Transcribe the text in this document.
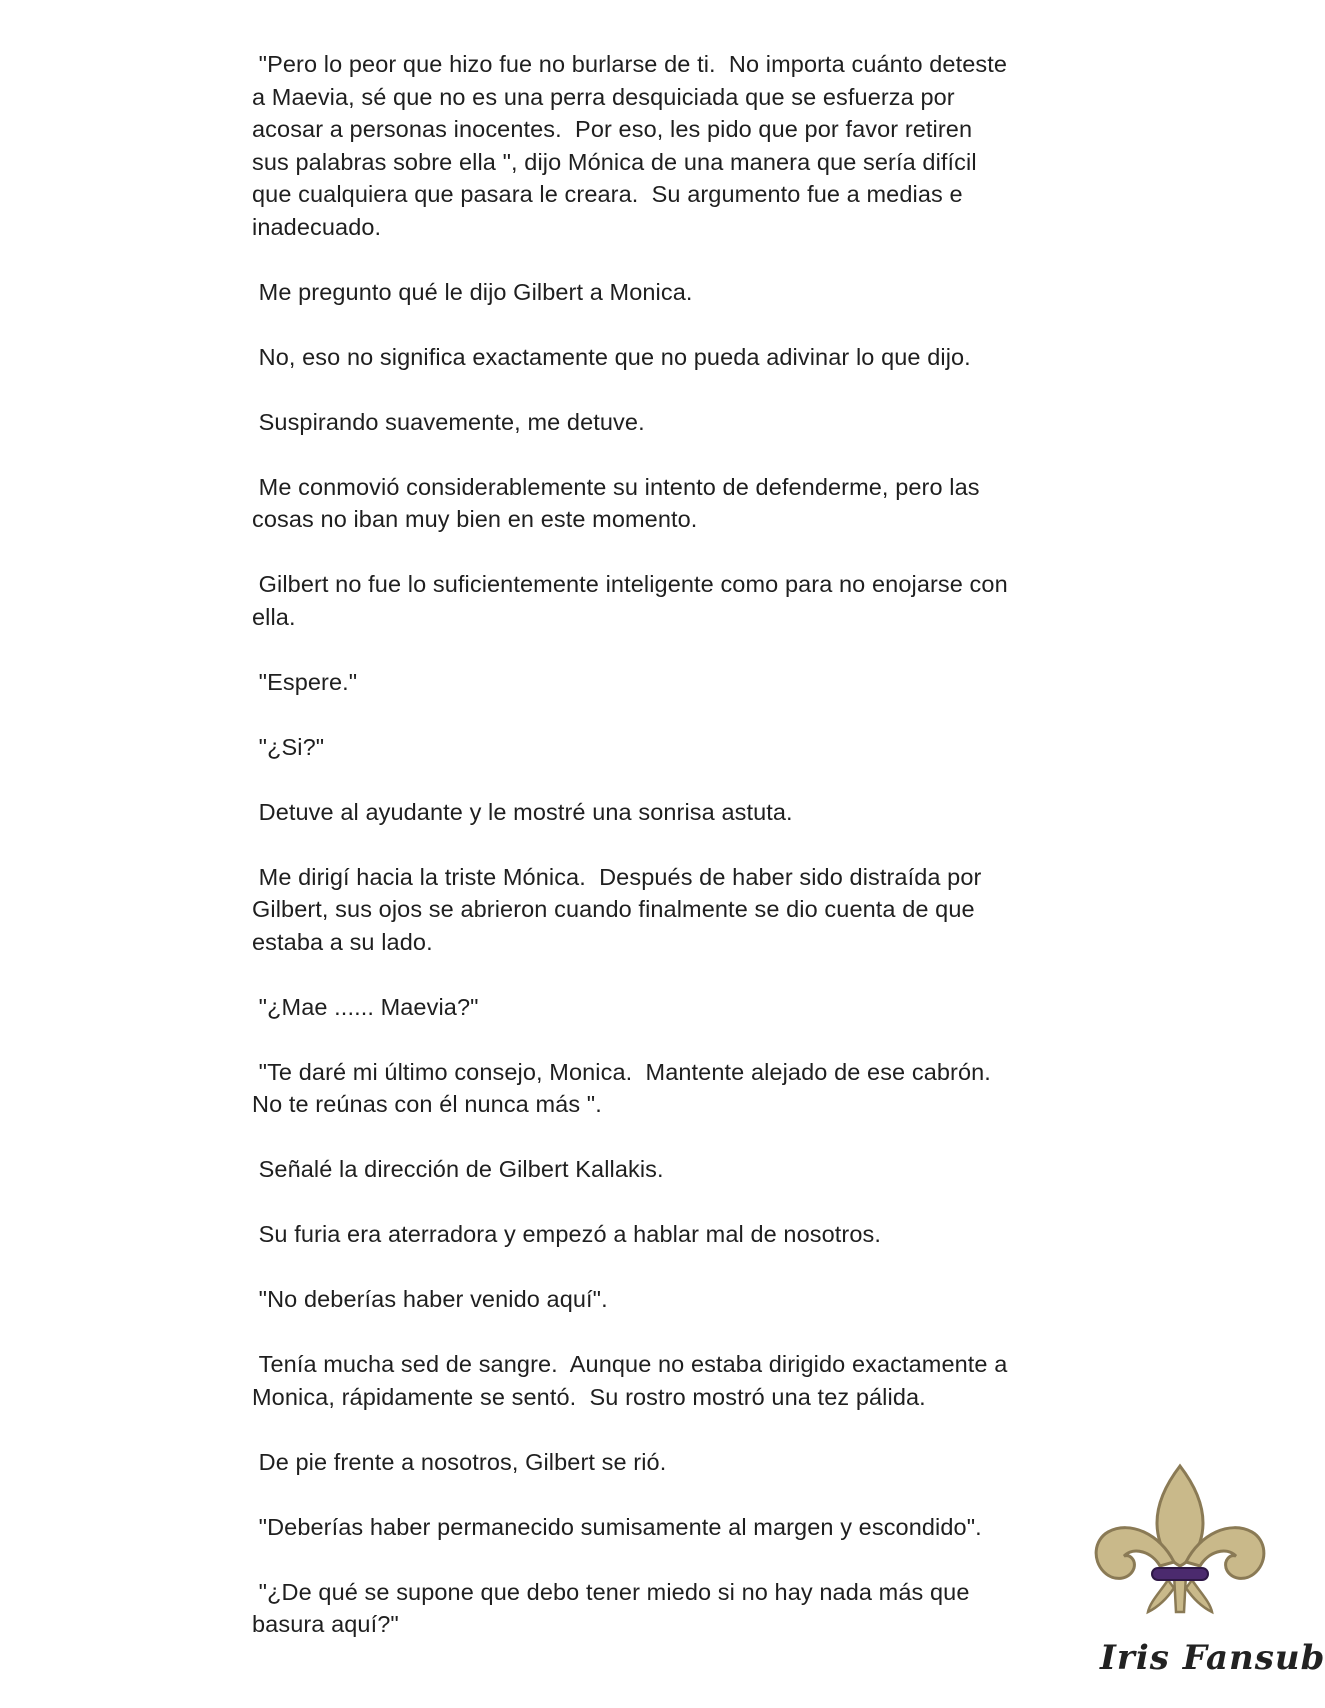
"Pero lo peor que hizo fue no burlarse de ti.  No importa cuánto deteste
a Maevia, sé que no es una perra desquiciada que se esfuerza por
acosar a personas inocentes.  Por eso, les pido que por favor retiren
sus palabras sobre ella ", dijo Mónica de una manera que sería difícil
que cualquiera que pasara le creara.  Su argumento fue a medias e
inadecuado.

Me pregunto qué le dijo Gilbert a Monica.

No, eso no significa exactamente que no pueda adivinar lo que dijo.

Suspirando suavemente, me detuve.

Me conmovió considerablemente su intento de defenderme, pero las
cosas no iban muy bien en este momento.

Gilbert no fue lo suficientemente inteligente como para no enojarse con
ella.

"Espere."

"¿Si?"

Detuve al ayudante y le mostré una sonrisa astuta.

Me dirigí hacia la triste Mónica.  Después de haber sido distraída por
Gilbert, sus ojos se abrieron cuando finalmente se dio cuenta de que
estaba a su lado.

"¿Mae ...... Maevia?"

"Te daré mi último consejo, Monica.  Mantente alejado de ese cabrón.
No te reúnas con él nunca más ".

Señalé la dirección de Gilbert Kallakis.

Su furia era aterradora y empezó a hablar mal de nosotros.

"No deberías haber venido aquí".

Tenía mucha sed de sangre.  Aunque no estaba dirigido exactamente a
Monica, rápidamente se sentó.  Su rostro mostró una tez pálida.

De pie frente a nosotros, Gilbert se rió.

"Deberías haber permanecido sumisamente al margen y escondido".

"¿De qué se supone que debo tener miedo si no hay nada más que
basura aquí?"

Iris Fansub
